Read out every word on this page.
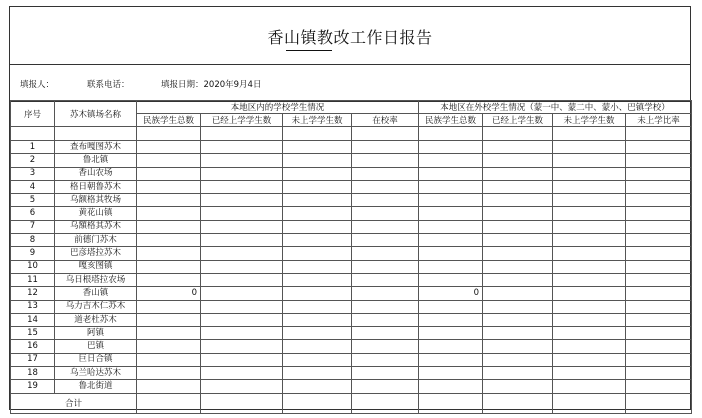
香山镇教改工作日报告
填报人：	联系电话：	填报日期：2020年9月4日
序号	苏木镇场名称	本地区内的学校学生情况				本地区在外校学生情况（蒙一中、蒙二中、蒙小、巴镇学校）			
		民族学生总数	已经上学学生数	未上学学生数	在校率	民族学生总数	已经上学生数	未上学学生数	未上学比率

1	查布嘎图苏木								
2	鲁北镇								
3	香山农场								
4	格日朝鲁苏木								
5	乌额格其牧场								
6	黄花山镇								
7	乌額格其苏木								
8	前德门苏木								
9	巴彦塔拉苏木								
10	嘎亥图镇								
11	乌日根塔拉农场								
12	香山镇	0				0			
13	乌力吉木仁苏木								
14	道老杜苏木								
15	阿镇								
16	巴镇								
17	巨日合镇								
18	乌兰哈达苏木								
19	鲁北街道								
合计									
